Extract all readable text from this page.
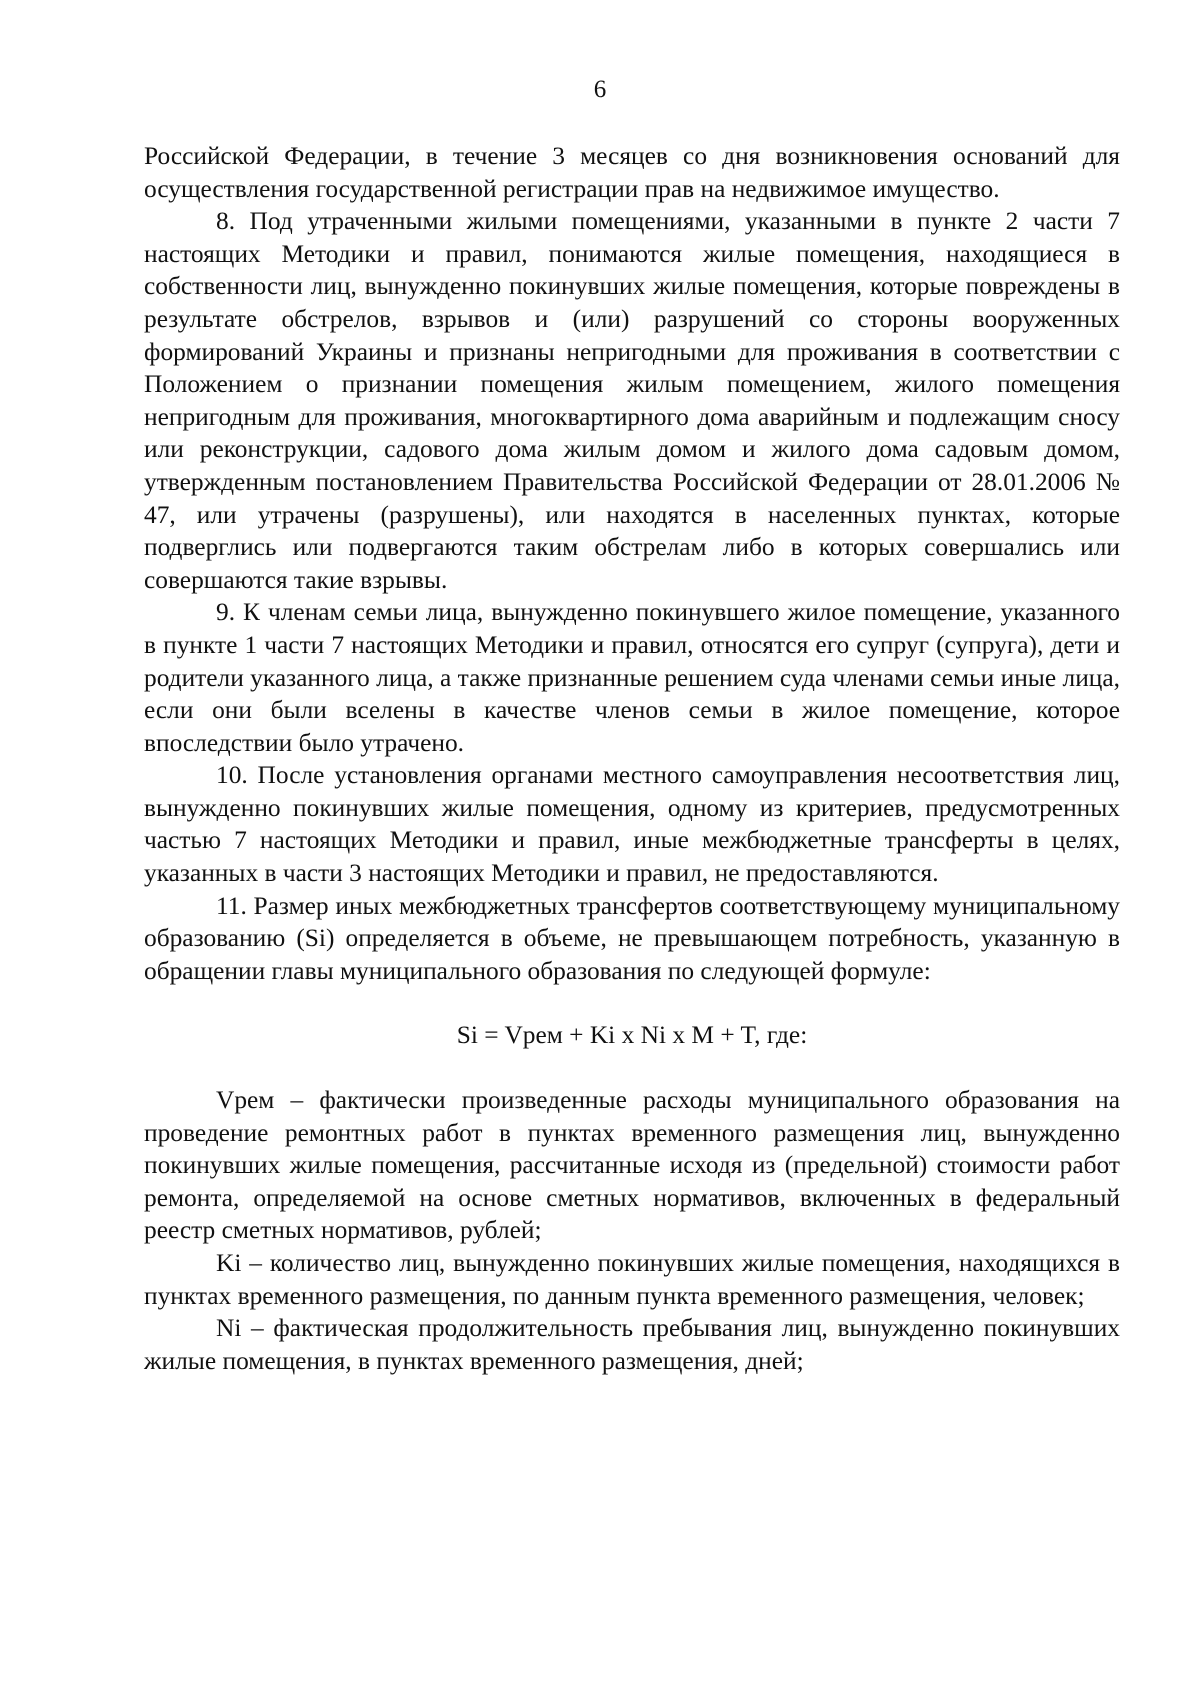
6

Российской Федерации, в течение 3 месяцев со дня возникновения оснований для осуществления государственной регистрации прав на недвижимое имущество.

8. Под утраченными жилыми помещениями, указанными в пункте 2 части 7 настоящих Методики и правил, понимаются жилые помещения, находящиеся в собственности лиц, вынужденно покинувших жилые помещения, которые повреждены в результате обстрелов, взрывов и (или) разрушений со стороны вооруженных формирований Украины и признаны непригодными для проживания в соответствии с Положением о признании помещения жилым помещением, жилого помещения непригодным для проживания, многоквартирного дома аварийным и подлежащим сносу или реконструкции, садового дома жилым домом и жилого дома садовым домом, утвержденным постановлением Правительства Российской Федерации от 28.01.2006 № 47, или утрачены (разрушены), или находятся в населенных пунктах, которые подверглись или подвергаются таким обстрелам либо в которых совершались или совершаются такие взрывы.

9. К членам семьи лица, вынужденно покинувшего жилое помещение, указанного в пункте 1 части 7 настоящих Методики и правил, относятся его супруг (супруга), дети и родители указанного лица, а также признанные решением суда членами семьи иные лица, если они были вселены в качестве членов семьи в жилое помещение, которое впоследствии было утрачено.

10. После установления органами местного самоуправления несоответствия лиц, вынужденно покинувших жилые помещения, одному из критериев, предусмотренных частью 7 настоящих Методики и правил, иные межбюджетные трансферты в целях, указанных в части 3 настоящих Методики и правил, не предоставляются.

11. Размер иных межбюджетных трансфертов соответствующему муниципальному образованию (Si) определяется в объеме, не превышающем потребность, указанную в обращении главы муниципального образования по следующей формуле:

Si = Vрем + Ki x Ni x M + T, где:

Vрем – фактически произведенные расходы муниципального образования на проведение ремонтных работ в пунктах временного размещения лиц, вынужденно покинувших жилые помещения, рассчитанные исходя из (предельной) стоимости работ ремонта, определяемой на основе сметных нормативов, включенных в федеральный реестр сметных нормативов, рублей;

Ki – количество лиц, вынужденно покинувших жилые помещения, находящихся в пунктах временного размещения, по данным пункта временного размещения, человек;

Ni – фактическая продолжительность пребывания лиц, вынужденно покинувших жилые помещения, в пунктах временного размещения, дней;
